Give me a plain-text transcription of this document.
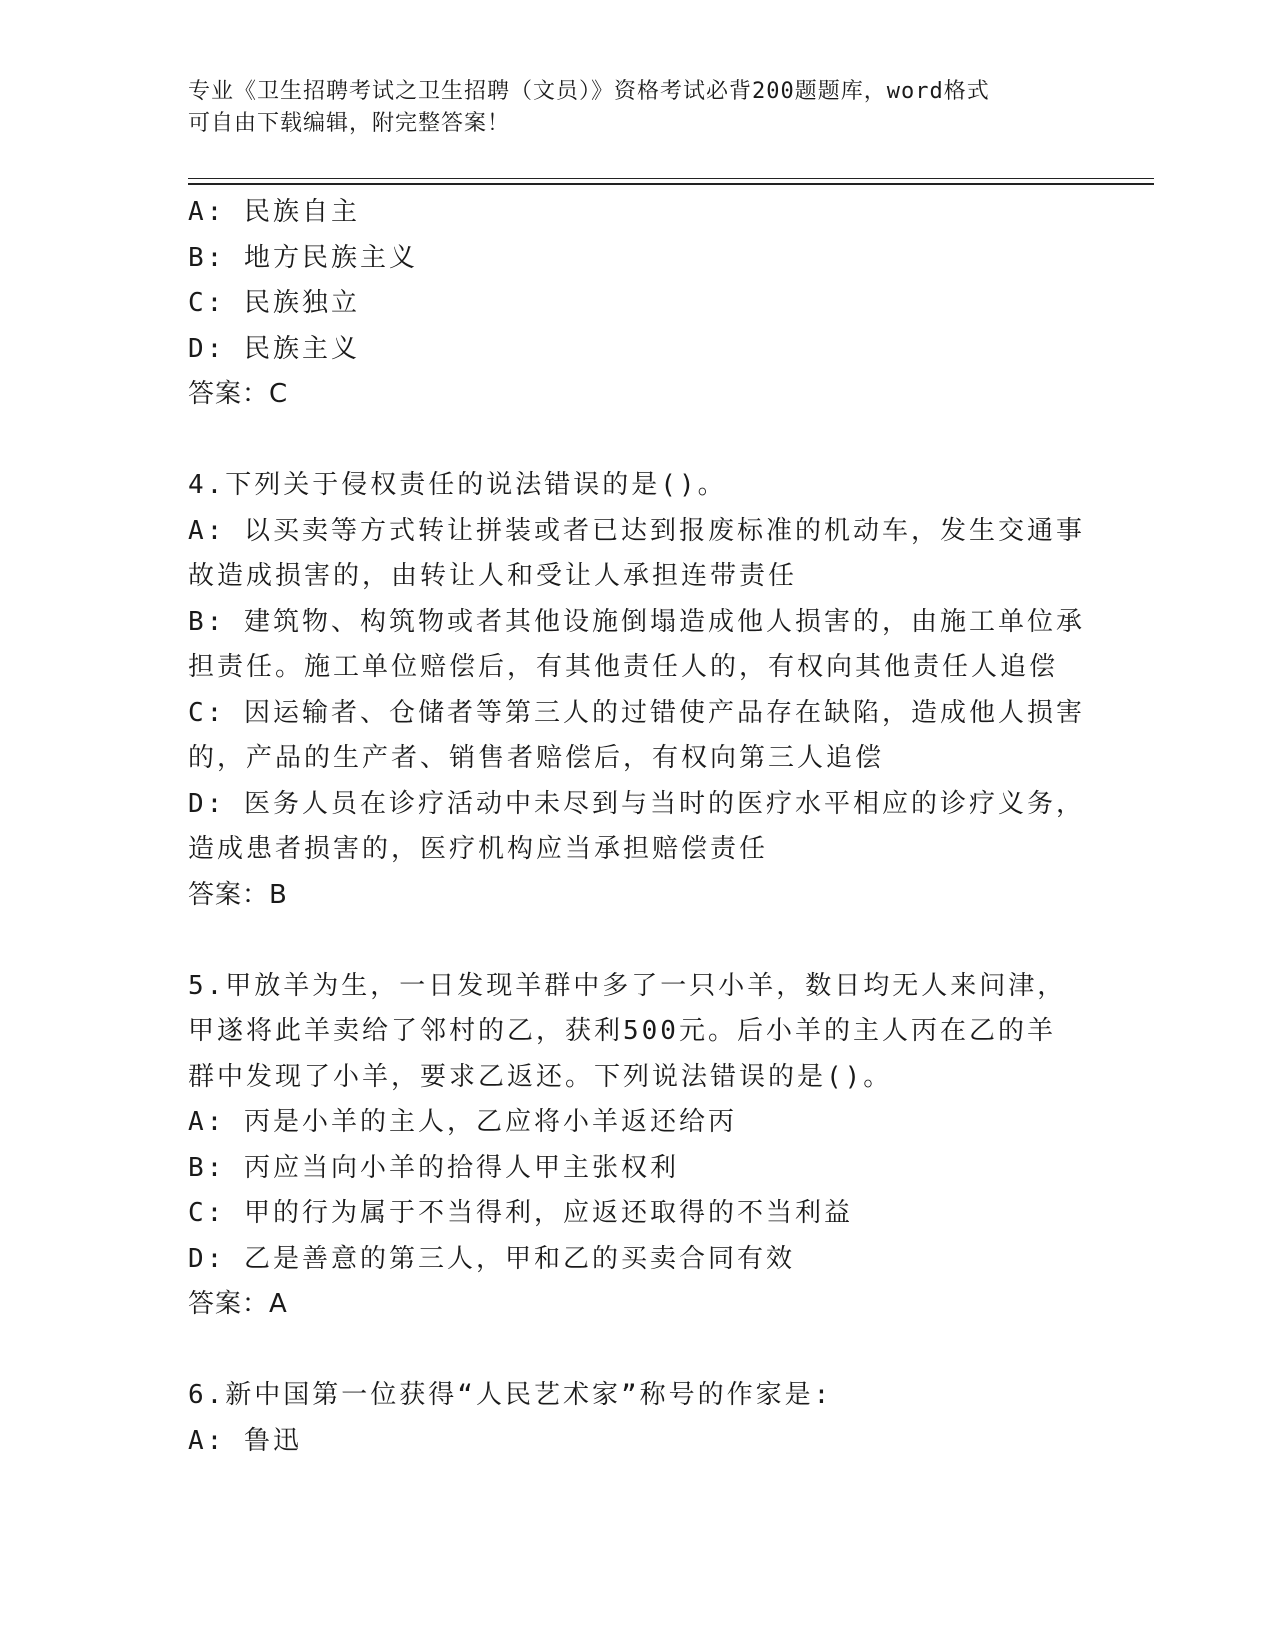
专业《卫生招聘考试之卫生招聘（文员）》资格考试必背200题题库，word格式
可自由下载编辑，附完整答案！
A: 民族自主
B: 地方民族主义
C: 民族独立
D: 民族主义
答案：C
4.下列关于侵权责任的说法错误的是()。
A: 以买卖等方式转让拼装或者已达到报废标准的机动车，发生交通事
故造成损害的，由转让人和受让人承担连带责任
B: 建筑物、构筑物或者其他设施倒塌造成他人损害的，由施工单位承
担责任。施工单位赔偿后，有其他责任人的，有权向其他责任人追偿
C: 因运输者、仓储者等第三人的过错使产品存在缺陷，造成他人损害
的，产品的生产者、销售者赔偿后，有权向第三人追偿
D: 医务人员在诊疗活动中未尽到与当时的医疗水平相应的诊疗义务，
造成患者损害的，医疗机构应当承担赔偿责任
答案：B
5.甲放羊为生，一日发现羊群中多了一只小羊，数日均无人来问津，
甲遂将此羊卖给了邻村的乙，获利500元。后小羊的主人丙在乙的羊
群中发现了小羊，要求乙返还。下列说法错误的是()。
A: 丙是小羊的主人，乙应将小羊返还给丙
B: 丙应当向小羊的拾得人甲主张权利
C: 甲的行为属于不当得利，应返还取得的不当利益
D: 乙是善意的第三人，甲和乙的买卖合同有效
答案：A
6.新中国第一位获得“人民艺术家”称号的作家是:
A: 鲁迅
